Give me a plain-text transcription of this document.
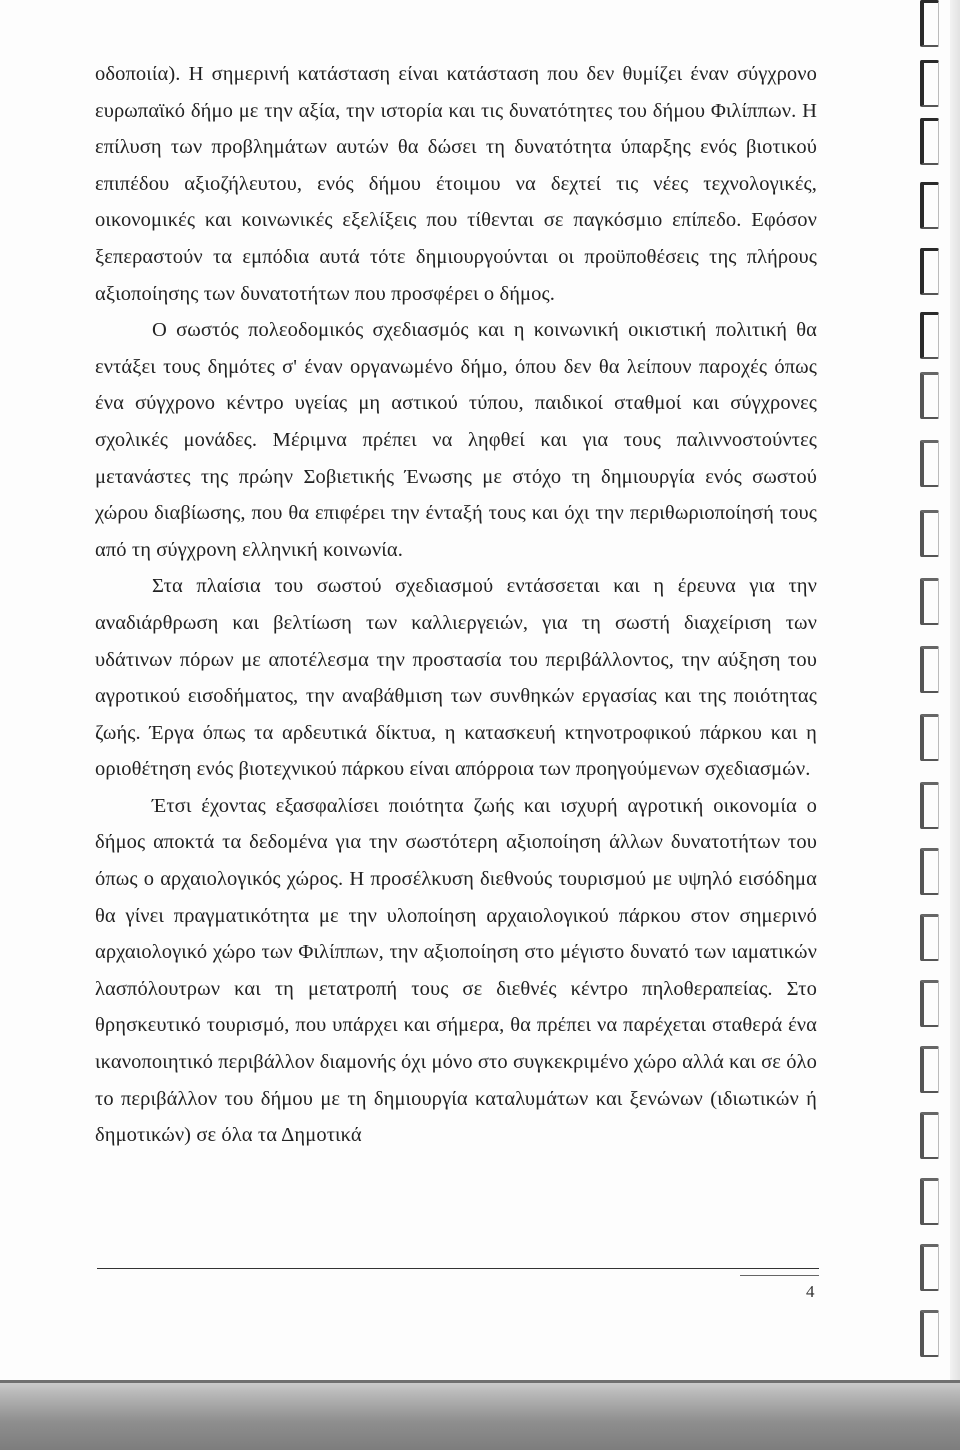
οδοποιία). Η σημερινή κατάσταση είναι κατάσταση που δεν θυμίζει έναν σύγχρονο ευρωπαϊκό δήμο με την αξία, την ιστορία και τις δυνατότητες του δήμου Φιλίππων. Η επίλυση των προβλημάτων αυτών θα δώσει τη δυνατότητα ύπαρξης ενός βιοτικού επιπέδου αξιοζήλευτου, ενός δήμου έτοιμου να δεχτεί τις νέες τεχνολογικές, οικονομικές και κοινωνικές εξελίξεις που τίθενται σε παγκόσμιο επίπεδο. Εφόσον ξεπεραστούν τα εμπόδια αυτά τότε δημιουργούνται οι προϋποθέσεις της πλήρους αξιοποίησης των δυνατοτήτων που προσφέρει ο δήμος.

Ο σωστός πολεοδομικός σχεδιασμός και η κοινωνική οικιστική πολιτική θα εντάξει τους δημότες σ' έναν οργανωμένο δήμο, όπου δεν θα λείπουν παροχές όπως ένα σύγχρονο κέντρο υγείας μη αστικού τύπου, παιδικοί σταθμοί και σύγχρονες σχολικές μονάδες. Μέριμνα πρέπει να ληφθεί και για τους παλιννοστούντες μετανάστες της πρώην Σοβιετικής Ένωσης με στόχο τη δημιουργία ενός σωστού χώρου διαβίωσης, που θα επιφέρει την ένταξή τους και όχι την περιθωριοποίησή τους από τη σύγχρονη ελληνική κοινωνία.

Στα πλαίσια του σωστού σχεδιασμού εντάσσεται και η έρευνα για την αναδιάρθρωση και βελτίωση των καλλιεργειών, για τη σωστή διαχείριση των υδάτινων πόρων με αποτέλεσμα την προστασία του περιβάλλοντος, την αύξηση του αγροτικού εισοδήματος, την αναβάθμιση των συνθηκών εργασίας και της ποιότητας ζωής. Έργα όπως τα αρδευτικά δίκτυα, η κατασκευή κτηνοτροφικού πάρκου και η οριοθέτηση ενός βιοτεχνικού πάρκου είναι απόρροια των προηγούμενων σχεδιασμών.

Έτσι έχοντας εξασφαλίσει ποιότητα ζωής και ισχυρή αγροτική οικονομία ο δήμος αποκτά τα δεδομένα για την σωστότερη αξιοποίηση άλλων δυνατοτήτων του όπως ο αρχαιολογικός χώρος. Η προσέλκυση διεθνούς τουρισμού με υψηλό εισόδημα θα γίνει πραγματικότητα με την υλοποίηση αρχαιολογικού πάρκου στον σημερινό αρχαιολογικό χώρο των Φιλίππων, την αξιοποίηση στο μέγιστο δυνατό των ιαματικών λασπόλουτρων και τη μετατροπή τους σε διεθνές κέντρο πηλοθεραπείας. Στο θρησκευτικό τουρισμό, που υπάρχει και σήμερα, θα πρέπει να παρέχεται σταθερά ένα ικανοποιητικό περιβάλλον διαμονής όχι μόνο στο συγκεκριμένο χώρο αλλά και σε όλο το περιβάλλον του δήμου με τη δημιουργία καταλυμάτων και ξενώνων (ιδιωτικών ή δημοτικών) σε όλα τα Δημοτικά

4
